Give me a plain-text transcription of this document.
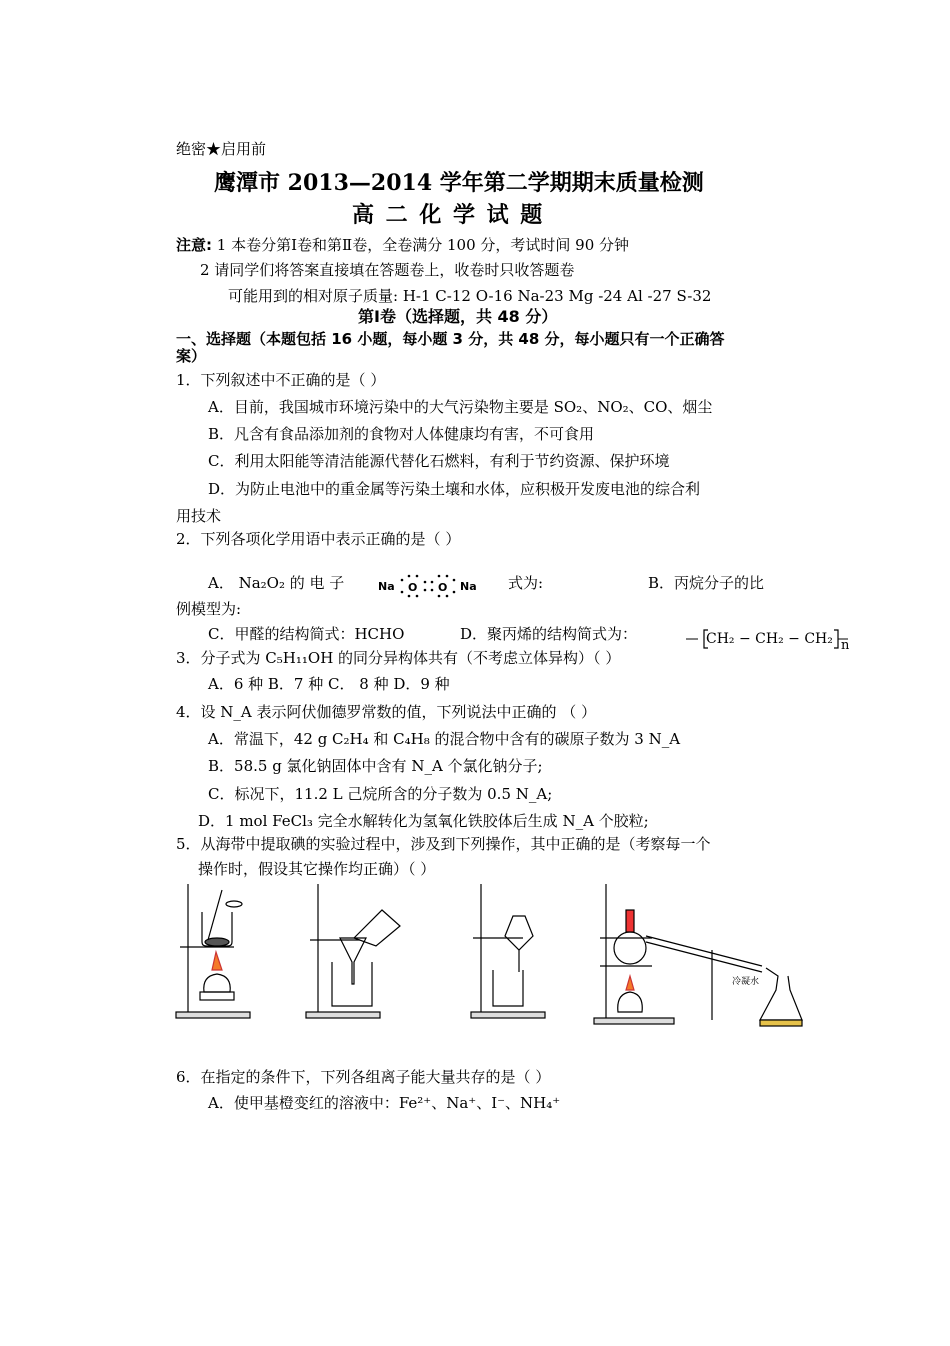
绝密★启用前
鹰潭市 2013—2014 学年第二学期期末质量检测
高 二 化 学 试 题
注意: 1 本卷分第Ⅰ卷和第Ⅱ卷，全卷满分 100 分，考试时间 90 分钟
2 请同学们将答案直接填在答题卷上，收卷时只收答题卷
可能用到的相对原子质量: H-1 C-12 O-16 Na-23 Mg -24 Al -27 S-32
第Ⅰ卷（选择题，共 48 分）
一、选择题（本题包括 16 小题，每小题 3 分，共 48 分，每小题只有一个正确答
案）
1．下列叙述中不正确的是（ ）
A．目前，我国城市环境污染中的大气污染物主要是 SO₂、NO₂、CO、烟尘
B．凡含有食品添加剂的食物对人体健康均有害，不可食用
C．利用太阳能等清洁能源代替化石燃料，有利于节约资源、保护环境
D．为防止电池中的重金属等污染土壤和水体，应积极开发废电池的综合利
用技术
2．下列各项化学用语中表示正确的是（ ）
A． Na₂O₂ 的 电 子	Na O O Na 式为:	B．丙烷分子的比
例模型为:
C．甲醛的结构简式：HCHO	D．聚丙烯的结构简式为：	CH₂ − CH₂ − CH₂ n
3．分子式为 C₅H₁₁OH 的同分异构体共有（不考虑立体异构）（ ）
A．6 种 B．7 种 C． 8 种 D．9 种
4．设 N_A 表示阿伏伽德罗常数的值，下列说法中正确的 （ ）
A．常温下，42 g C₂H₄ 和 C₄H₈ 的混合物中含有的碳原子数为 3 N_A
B．58.5 g 氯化钠固体中含有 N_A 个氯化钠分子;
C．标况下，11.2 L 己烷所含的分子数为 0.5 N_A;
D．1 mol FeCl₃ 完全水解转化为氢氧化铁胶体后生成 N_A 个胶粒;
5．从海带中提取碘的实验过程中，涉及到下列操作，其中正确的是（考察每一个
操作时，假设其它操作均正确）（ ）
冷凝水
6．在指定的条件下，下列各组离子能大量共存的是（ ）
A．使甲基橙变红的溶液中：Fe²⁺、Na⁺、I⁻、NH₄⁺
